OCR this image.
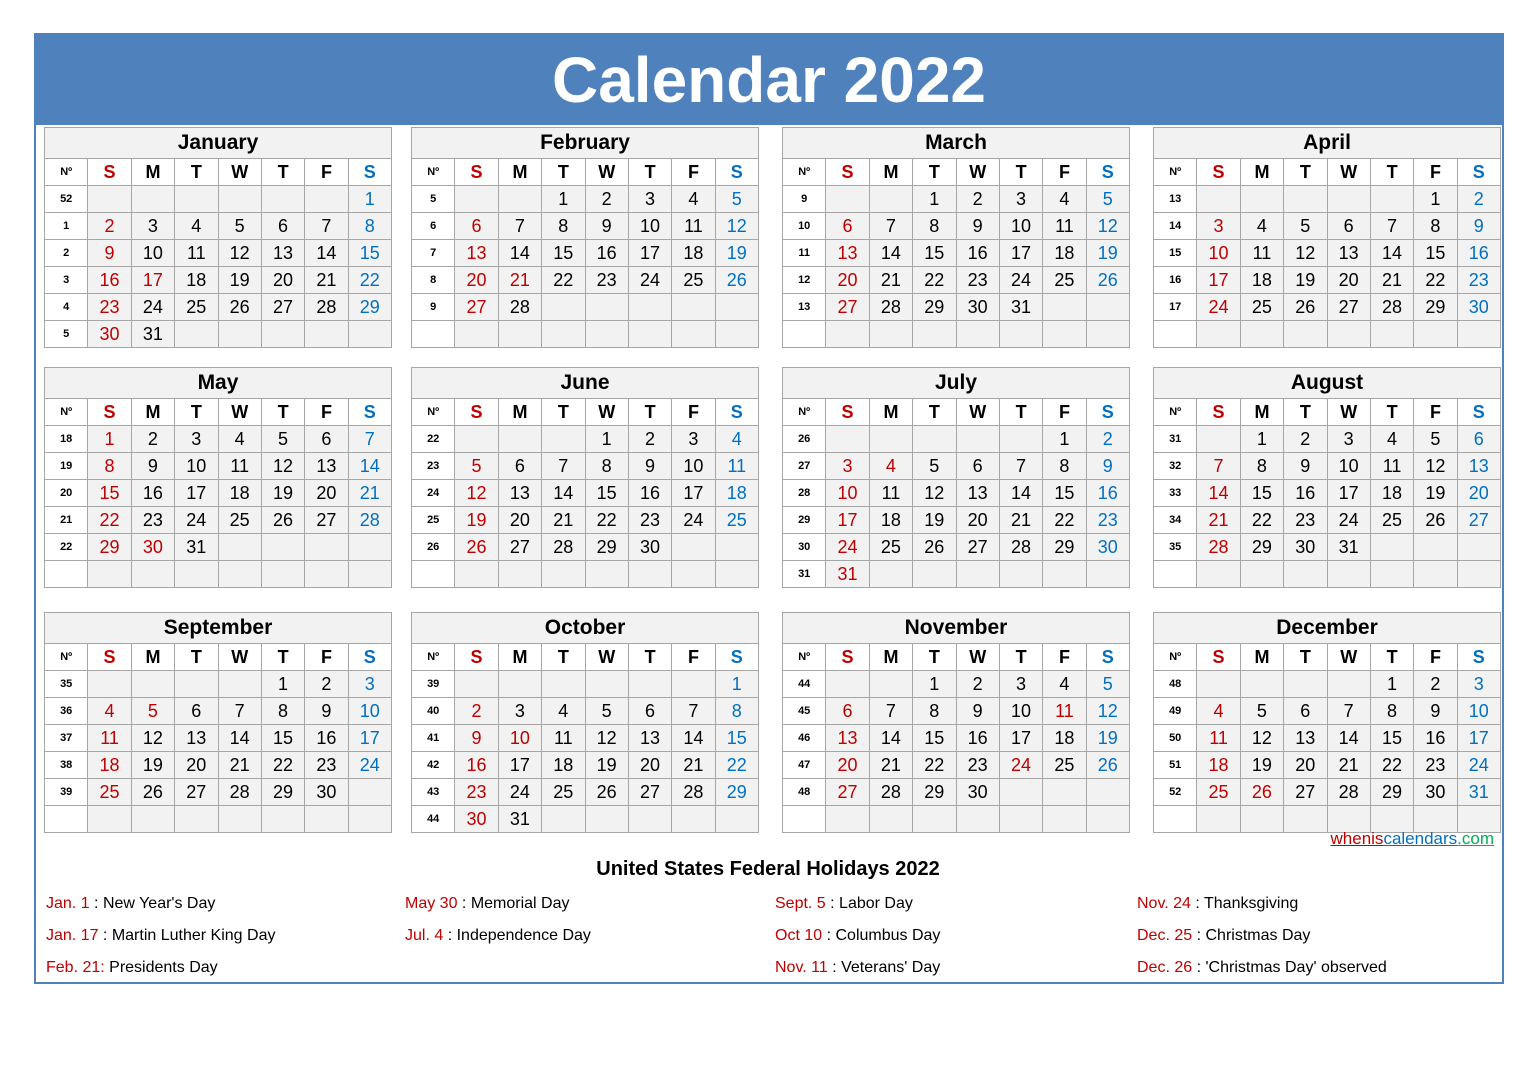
Calendar 2022
January							
Nº	S	M	T	W	T	F	S
52							1
1	2	3	4	5	6	7	8
2	9	10	11	12	13	14	15
3	16	17	18	19	20	21	22
4	23	24	25	26	27	28	29
5	30	31					
February							
Nº	S	M	T	W	T	F	S
5			1	2	3	4	5
6	6	7	8	9	10	11	12
7	13	14	15	16	17	18	19
8	20	21	22	23	24	25	26
9	27	28					

March							
Nº	S	M	T	W	T	F	S
9			1	2	3	4	5
10	6	7	8	9	10	11	12
11	13	14	15	16	17	18	19
12	20	21	22	23	24	25	26
13	27	28	29	30	31		

April							
Nº	S	M	T	W	T	F	S
13						1	2
14	3	4	5	6	7	8	9
15	10	11	12	13	14	15	16
16	17	18	19	20	21	22	23
17	24	25	26	27	28	29	30

May							
Nº	S	M	T	W	T	F	S
18	1	2	3	4	5	6	7
19	8	9	10	11	12	13	14
20	15	16	17	18	19	20	21
21	22	23	24	25	26	27	28
22	29	30	31				

June							
Nº	S	M	T	W	T	F	S
22				1	2	3	4
23	5	6	7	8	9	10	11
24	12	13	14	15	16	17	18
25	19	20	21	22	23	24	25
26	26	27	28	29	30		

July							
Nº	S	M	T	W	T	F	S
26						1	2
27	3	4	5	6	7	8	9
28	10	11	12	13	14	15	16
29	17	18	19	20	21	22	23
30	24	25	26	27	28	29	30
31	31						
August							
Nº	S	M	T	W	T	F	S
31		1	2	3	4	5	6
32	7	8	9	10	11	12	13
33	14	15	16	17	18	19	20
34	21	22	23	24	25	26	27
35	28	29	30	31			

September							
Nº	S	M	T	W	T	F	S
35					1	2	3
36	4	5	6	7	8	9	10
37	11	12	13	14	15	16	17
38	18	19	20	21	22	23	24
39	25	26	27	28	29	30	

October							
Nº	S	M	T	W	T	F	S
39							1
40	2	3	4	5	6	7	8
41	9	10	11	12	13	14	15
42	16	17	18	19	20	21	22
43	23	24	25	26	27	28	29
44	30	31					
November							
Nº	S	M	T	W	T	F	S
44			1	2	3	4	5
45	6	7	8	9	10	11	12
46	13	14	15	16	17	18	19
47	20	21	22	23	24	25	26
48	27	28	29	30			

December							
Nº	S	M	T	W	T	F	S
48					1	2	3
49	4	5	6	7	8	9	10
50	11	12	13	14	15	16	17
51	18	19	20	21	22	23	24
52	25	26	27	28	29	30	31

wheniscalendars.com
United States Federal Holidays 2022
Jan. 1 : New Year's Day
Jan. 17 : Martin Luther King Day
Feb. 21: Presidents Day
May 30 : Memorial Day
Jul. 4 : Independence Day
Sept. 5 : Labor Day
Oct 10 : Columbus Day
Nov. 11 : Veterans' Day
Nov. 24 : Thanksgiving
Dec. 25 : Christmas Day
Dec. 26 : 'Christmas Day' observed
